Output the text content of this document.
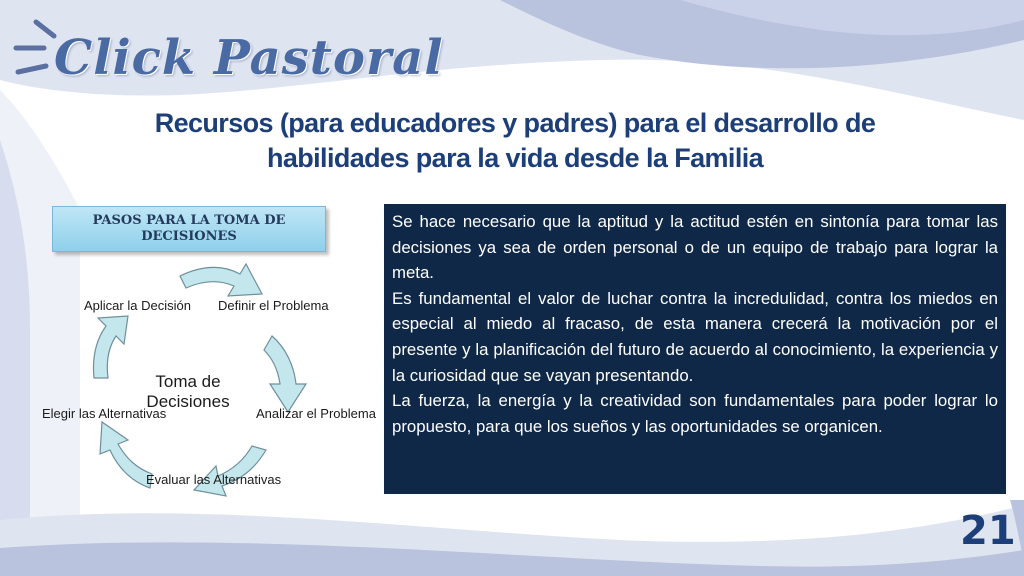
Click Pastoral
Recursos (para educadores y padres) para el desarrollo de
habilidades para la vida desde la Familia
PASOS PARA LA TOMA DE DECISIONES
Definir el Problema
Analizar el Problema
Evaluar las Alternativas
Elegir las Alternativas
Aplicar la Decisión
Toma de Decisiones

Se hace necesario que la aptitud y la actitud estén en sintonía para tomar las decisiones ya sea de orden personal o de un equipo de trabajo para lograr la meta.

Es fundamental el valor de luchar contra la incredulidad, contra los miedos en especial al miedo al fracaso, de esta manera crecerá la motivación por el presente y la planificación del futuro de acuerdo al conocimiento, la experiencia y la curiosidad que se vayan presentando.

La fuerza, la energía y la creatividad son fundamentales para poder lograr lo propuesto, para que los sueños y las oportunidades se organicen.

21
